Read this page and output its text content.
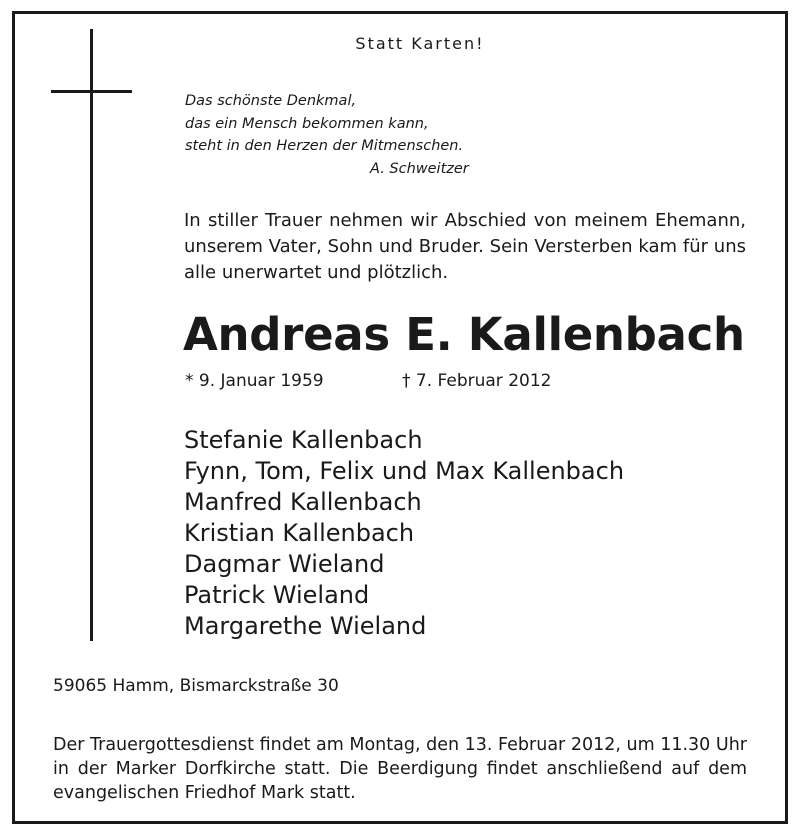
Statt Karten!
Das schönste Denkmal,
das ein Mensch bekommen kann,
steht in den Herzen der Mitmenschen.
A. Schweitzer
In stiller Trauer nehmen wir Abschied von meinem Ehemann, unserem Vater, Sohn und Bruder. Sein Versterben kam für uns alle unerwartet und plötzlich.
Andreas E. Kallenbach
* 9. Januar 1959	† 7. Februar 2012
Stefanie Kallenbach
Fynn, Tom, Felix und Max Kallenbach
Manfred Kallenbach
Kristian Kallenbach
Dagmar Wieland
Patrick Wieland
Margarethe Wieland
59065 Hamm, Bismarckstraße 30
Der Trauergottesdienst findet am Montag, den 13. Februar 2012, um 11.30 Uhr in der Marker Dorfkirche statt. Die Beerdigung findet anschließend auf dem evangelischen Friedhof Mark statt.
